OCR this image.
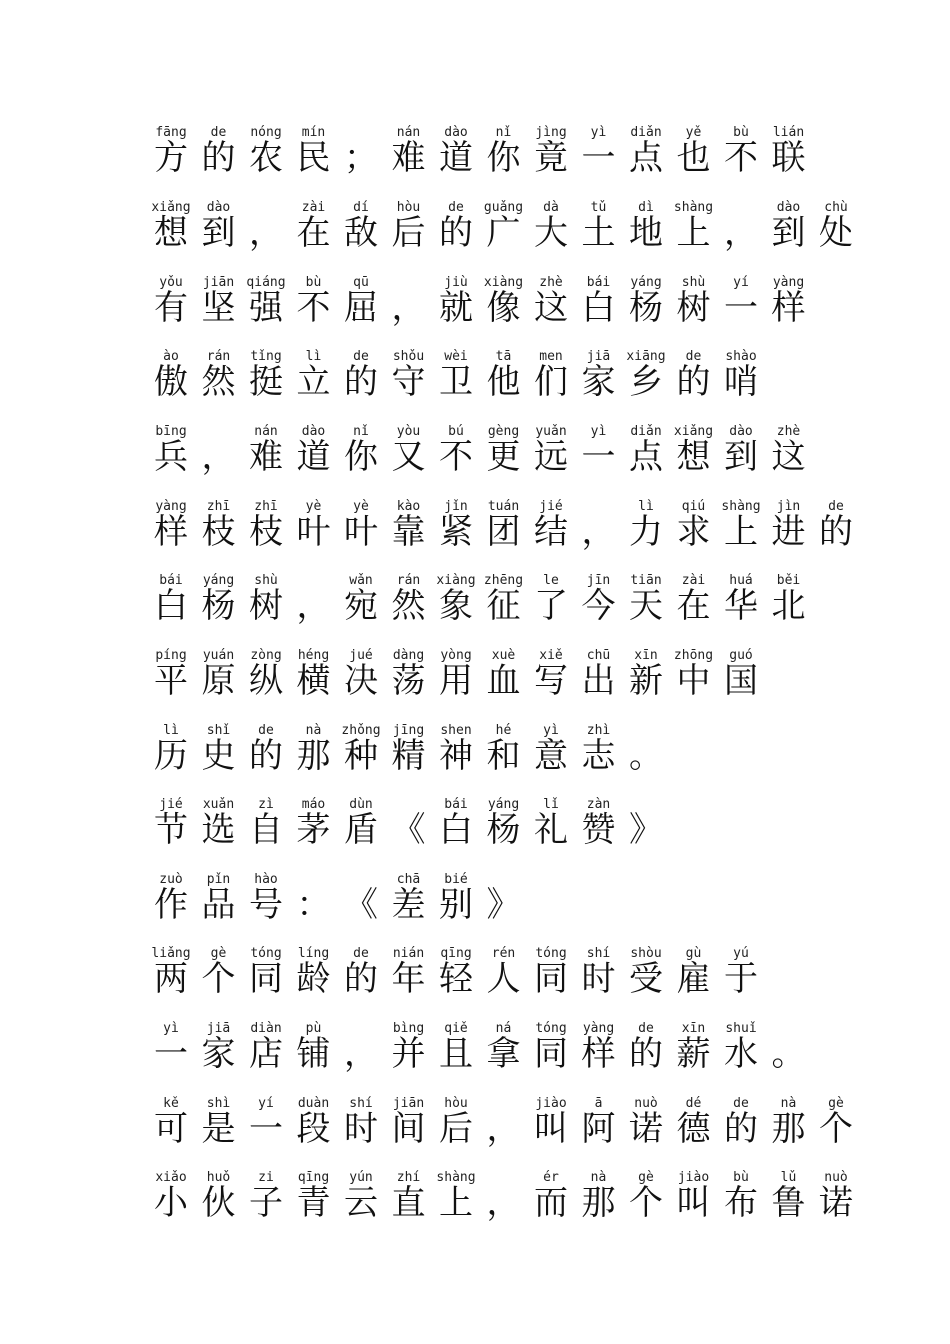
方
fāng
的
de
农
nóng
民
mín
； 难
nán
道
dào
你
nǐ
竟
jìng
一
yì
点
diǎn
也
yě
不
bù
联
lián
想
xiǎng
到
dào
， 在
zài
敌
dí
后
hòu
的
de
广
guǎng
大
dà
土
tǔ
地
dì
上
shàng
， 到
dào
处
chù
有
yǒu
坚
jiān
强
qiáng
不
bù
屈
qū
， 就
jiù
像
xiàng
这
zhè
白
bái
杨
yáng
树
shù
一
yí
样
yàng
傲
ào
然
rán
挺
tǐng
立
lì
的
de
守
shǒu
卫
wèi
他
tā
们
men
家
jiā
乡
xiāng
的
de
哨
shào
兵
bīng
， 难
nán
道
dào
你
nǐ
又
yòu
不
bú
更
gèng
远
yuǎn
一
yì
点
diǎn
想
xiǎng
到
dào
这
zhè
样
yàng
枝
zhī
枝
zhī
叶
yè
叶
yè
靠
kào
紧
jǐn
团
tuán
结
jié
， 力
lì
求
qiú
上
shàng
进
jìn
的
de
白
bái
杨
yáng
树
shù
， 宛
wǎn
然
rán
象
xiàng
征
zhēng
了
le
今
jīn
天
tiān
在
zài
华
huá
北
běi
平
píng
原
yuán
纵
zòng
横
héng
决
jué
荡
dàng
用
yòng
血
xuè
写
xiě
出
chū
新
xīn
中
zhōng
国
guó
历
lì
史
shǐ
的
de
那
nà
种
zhǒng
精
jīng
神
shen
和
hé
意
yì
志
zhì
。
节
jié
选
xuǎn
自
zì
茅
máo
盾
dùn
《 白
bái
杨
yáng
礼
lǐ
赞
zàn
》
作
zuò
品
pǐn
号
hào
： 《 差
chā
别
bié
》
两
liǎng
个
gè
同
tóng
龄
líng
的
de
年
nián
轻
qīng
人
rén
同
tóng
时
shí
受
shòu
雇
gù
于
yú
一
yì
家
jiā
店
diàn
铺
pù
， 并
bìng
且
qiě
拿
ná
同
tóng
样
yàng
的
de
薪
xīn
水
shuǐ
。
可
kě
是
shì
一
yí
段
duàn
时
shí
间
jiān
后
hòu
， 叫
jiào
阿
ā
诺
nuò
德
dé
的
de
那
nà
个
gè
小
xiǎo
伙
huǒ
子
zi
青
qīng
云
yún
直
zhí
上
shàng
， 而
ér
那
nà
个
gè
叫
jiào
布
bù
鲁
lǔ
诺
nuò
